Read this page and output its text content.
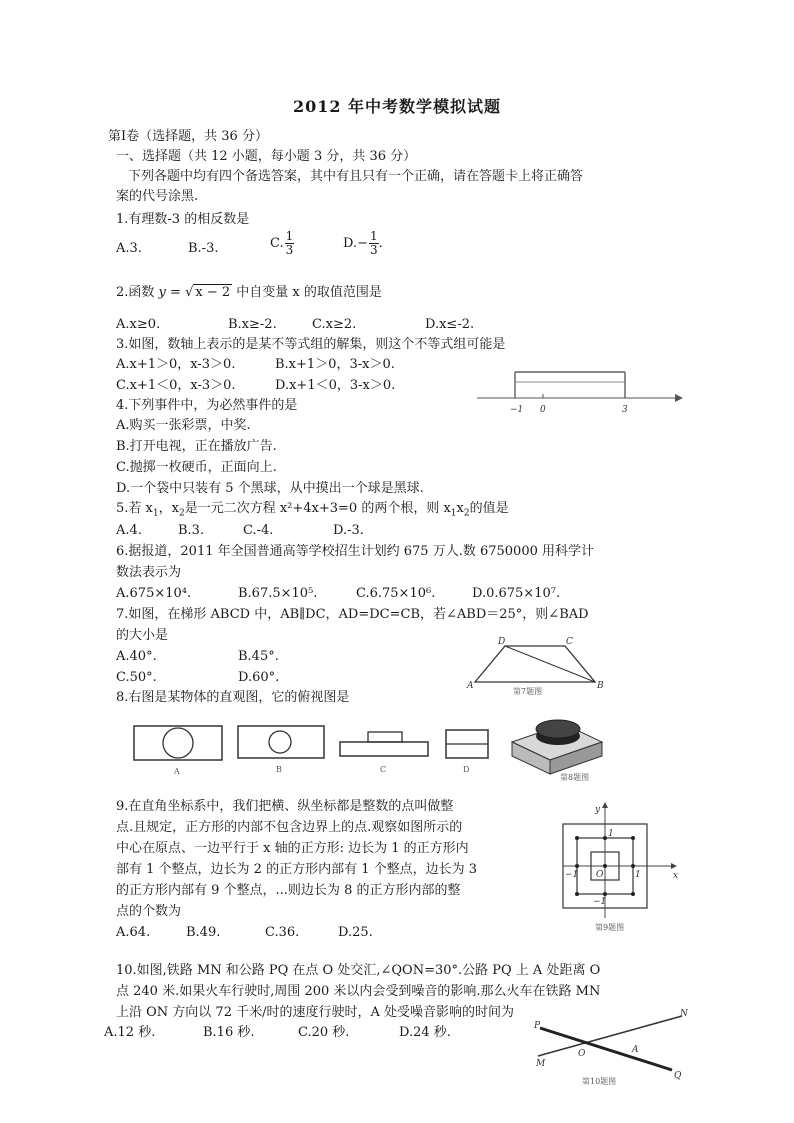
2012 年中考数学模拟试题
第Ⅰ卷（选择题，共 36 分）
一、选择题（共 12 小题，每小题 3 分，共 36 分）
下列各题中均有四个备选答案，其中有且只有一个正确，请在答题卡上将正确答
案的代号涂黑.
1.有理数-3 的相反数是
A.3.	B.-3.	C. $\frac{1}{3}$	$D.- \frac{1}{3}$ .
2.函数 y = √ x − 2 中自变量 x 的取值范围是
A.x≥0.	B.x≥-2.	C.x≥2.	D.x≤-2.
3.如图，数轴上表示的是某不等式组的解集，则这个不等式组可能是
A.x+1＞0，x-3＞0.	B.x+1＞0，3-x＞0.
C.x+1＜0，x-3＞0.	D.x+1＜0，3-x＞0.
−1 0	3
4.下列事件中，为必然事件的是
A.购买一张彩票，中奖.
B.打开电视，正在播放广告.
C.抛掷一枚硬币，正面向上.
D.一个袋中只装有 5 个黑球，从中摸出一个球是黑球.
5.若 $x_1$，$x_2$是一元二次方程 x²+4x+3=0 的两个根，则 $x_1x_2$的值是
A.4.	B.3.	C.-4.	D.-3.
6.据报道，2011 年全国普通高等学校招生计划约 675 万人.数 6750000 用科学计
数法表示为
A.675×10⁴.	B.67.5×10⁵.	C.6.75×10⁶.	D.0.675×10⁷.
7.如图，在梯形 ABCD 中，AB∥DC，AD=DC=CB，若∠ABD＝25°，则∠BAD
的大小是
A.40°.	B.45°.
C.50°.	D.60°.
D	C
A	B
第7题图
8.右图是某物体的直观图，它的俯视图是
A	B	C	D
第8题图
9.在直角坐标系中，我们把横、纵坐标都是整数的点叫做整
点.且规定，正方形的内部不包含边界上的点.观察如图所示的
中心在原点、一边平行于 x 轴的正方形: 边长为 1 的正方形内
部有 1 个整点，边长为 2 的正方形内部有 1 个整点，边长为 3
的正方形内部有 9 个整点，...则边长为 8 的正方形内部的整
点的个数为
A.64.	B.49.	C.36.	D.25.
y
x
O	1
−1
1
−1
第9题图
10.如图,铁路 MN 和公路 PQ 在点 O 处交汇,∠QON=30°.公路 PQ 上 A 处距离 O
点 240 米.如果火车行驶时,周围 200 米以内会受到噪音的影响.那么火车在铁路 MN
上沿 ON 方向以 72 千米/时的速度行驶时，A 处受噪音影响的时间为
A.12 秒.	B.16 秒.	C.20 秒.	D.24 秒.	P
N
M
O	A
Q
第10题图
